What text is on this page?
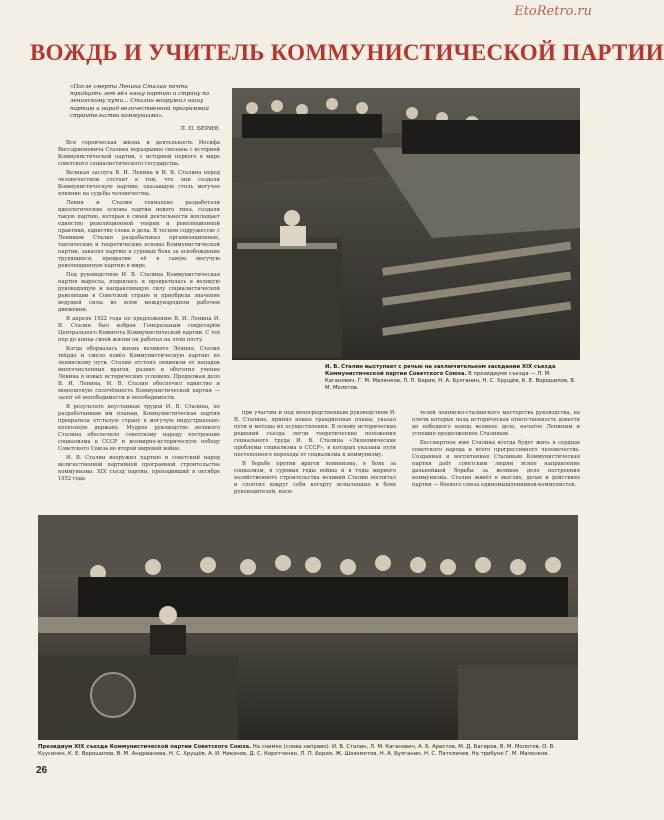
EtoRetro.ru
ВОЖДЬ И УЧИТЕЛЬ КОММУНИСТИЧЕСКОЙ ПАРТИИ
«После смерти Ленина Сталин почти тридцать лет вёл нашу партию и страну по ленинскому пути... Сталин вооружил нашу партию и народ величественной программой строительства коммунизма».
Л. П. БЕРИЯ.

Вся героическая жизнь и деятельность Иосифа Виссарионовича Сталина неразрывно связаны с историей Коммунистической партии, с историей первого в мире советского социалистического государства.

Великая заслуга В. И. Ленина и И. В. Сталина перед человечеством состоит в том, что они создали Коммунистическую партию, оказавшую столь могучее влияние на судьбы человечества.

Ленин и Сталин гениально разработали идеологические основы партии нового типа, создали такую партию, которая в своей деятельности воплощает единство революционной теории и революционной практики, единство слова и дела. В тесном содружестве с Лениным Сталин разрабатывал организационные, тактические и теоретические основы Коммунистической партии, закалял партию в суровых боях за освобождение трудящихся, превратив её в самую могучую революционную партию в мире.

Под руководством И. В. Сталина Коммунистическая партия выросла, поднялась и превратилась в великую руководящую и направляющую силу социалистической революции в Советской стране и приобрела значение ведущей силы во всем международном рабочем движении.

В апреле 1922 года по предложению В. И. Ленина И. В. Сталин был избран Генеральным секретарём Центрального Комитета Коммунистической партии. С тех пор до конца своей жизни он работал на этом посту.

Когда оборвалась жизнь великого Ленина, Сталин твёрдо и смело повёл Коммунистическую партию по ленинскому пути. Сталин отстоял ленинизм от нападок многочисленных врагов, развил и обогатил учение Ленина в новых исторических условиях. Продолжая дело В. И. Ленина, И. В. Сталин обеспечил единство и монолитную сплочённость Коммунистической партии — залог её непобедимости и непобедимости.

В результате неустанных трудов И. В. Сталина, по разработанным им планам, Коммунистическая партия превратила отсталую страну в могучую индустриально-колхозную державу. Мудрое руководство великого Сталина обеспечило советскому народу построение социализма в СССР и всемирно-историческую победу Советского Союза во второй мировой войне.

И. В. Сталин вооружил партию и советский народ величественной партийной программой строительства коммунизма. XIX съезд партии, проходивший в октябре 1952 года

И. В. Сталин выступает с речью на заключительном заседании XIX съезда Коммунистической партии Советского Союза. В президиуме съезда — Л. М. Каганович, Г. М. Маленков, Л. П. Берия, Н. А. Булганин, Н. С. Хрущёв, К. Е. Ворошилов, В. М. Молотов.

при участии и под непосредственным руководством И. В. Сталина, принял новые грандиозные планы, указал пути и методы их осуществления. В основу исторических решений съезда легли теоретические положения гениального труда И. В. Сталина «Экономические проблемы социализма в СССР», в которых указаны пути постепенного перехода от социализма к коммунизму.

В борьбе против врагов ленинизма, в боях за социализм, в суровых годы войны и в годы мирного хозяйственного строительства великий Сталин воспитал и сплотил вокруг себя когорту испытанных в боях руководителей, носи-

телей ленинско-сталинского мастерства руководства, на плечи которых пала историческая ответственность довести до победного конца великое дело, начатое Лениным и успешно продолженное Сталиным.

Бессмертное имя Сталина всегда будет жить в сердцах советского народа и всего прогрессивного человечества. Созданная и воспитанная Сталиным Коммунистическая партия даёт советским людям ясное направление дальнейшей борьбы за великое дело построения коммунизма. Сталин живёт в мыслях, делах и действиях партии — боевого союза единомышленников-коммунистов.

Президиум XIX съезда Коммунистической партии Советского Союза. На снимке (слева направо): И. В. Сталин, Л. М. Каганович, А. Б. Аристов, М. Д. Багиров, В. М. Молотов, О. В. Куусинен, К. Е. Ворошилов, В. М. Андрианова, Н. С. Хрущёв, А. И. Никонов, Д. С. Коротченко, Л. П. Берия, Ж. Шаяхметов, Н. А. Булганин, Н. С. Патоличев. На трибуне Г. М. Маленков.
26
